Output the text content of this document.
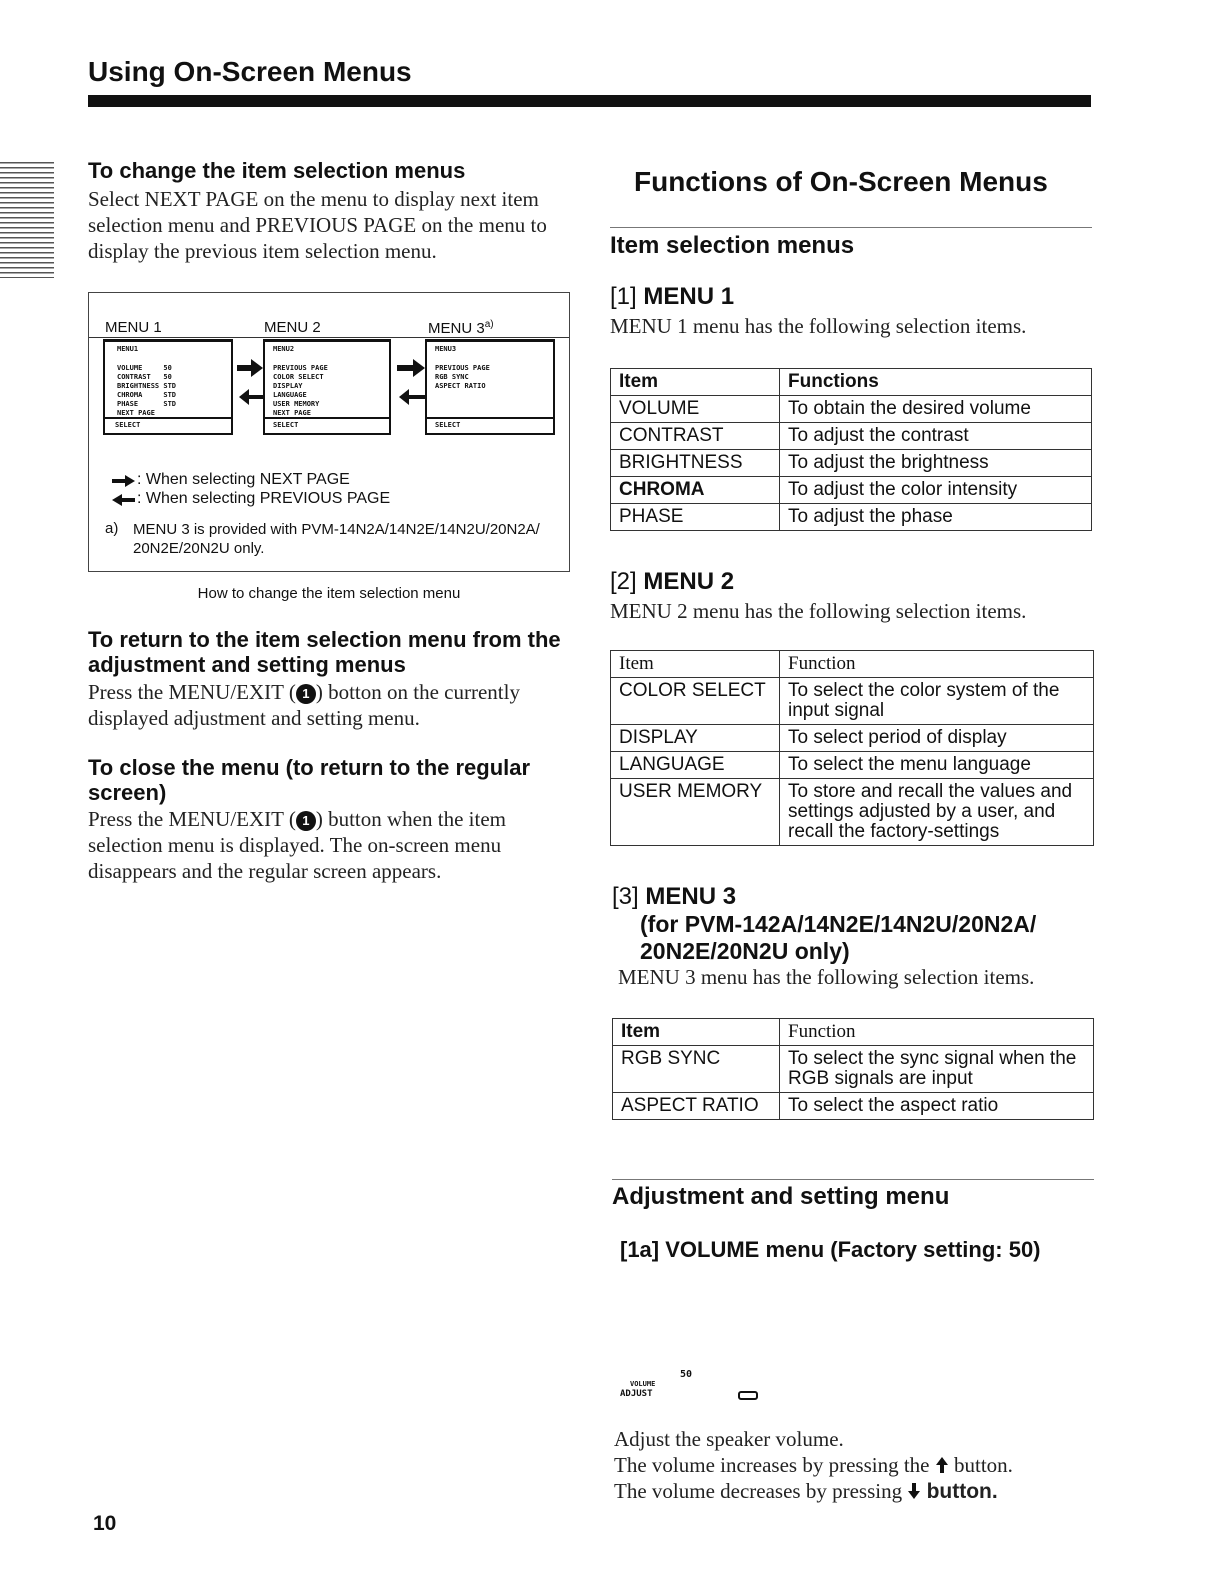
Using On-Screen Menus
To change the item selection menus
Select NEXT PAGE on the menu to display next item selection menu and PREVIOUS PAGE on the menu to display the previous item selection menu.
MENU 1	MENU 2	MENU 3$^{a)}$
MENU1
VOLUME     50
CONTRAST   50
BRIGHTNESS STD
CHROMA     STD
PHASE      STD
NEXT PAGE
SELECT
MENU2
PREVIOUS PAGE
COLOR SELECT
DISPLAY
LANGUAGE
USER MEMORY
NEXT PAGE
SELECT
MENU3
PREVIOUS PAGE
RGB SYNC
ASPECT RATIO
SELECT
: When selecting NEXT PAGE
: When selecting PREVIOUS PAGE
a) MENU 3 is provided with PVM-14N2A/14N2E/14N2U/20N2A/ 20N2E/20N2U only.
How to change the item selection menu
To return to the item selection menu from the adjustment and setting menus
Press the MENU/EXIT ( 1 ) botton on the currently displayed adjustment and setting menu.
To close the menu (to return to the regular screen)
Press the MENU/EXIT ( 1 ) button when the item selection menu is displayed. The on-screen menu disappears and the regular screen appears.
10
Functions of On-Screen Menus
Item selection menus
[1] MENU 1
MENU 1 menu has the following selection items.
Item	Functions
VOLUME	To obtain the desired volume
CONTRAST	To adjust the contrast
BRIGHTNESS	To adjust the brightness
CHROMA	To adjust the color intensity
PHASE	To adjust the phase
[2] MENU 2
MENU 2 menu has the following selection items.
Item	Function
COLOR SELECT	To select the color system of the input signal
DISPLAY	To select period of display
LANGUAGE	To select the menu language
USER MEMORY	To store and recall the values and settings adjusted by a user, and recall the factory-settings
[3] MENU 3
(for PVM-142A/14N2E/14N2U/20N2A/ 20N2E/20N2U only)
MENU 3 menu has the following selection items.
Item	Function
RGB SYNC	To select the sync signal when the RGB signals are input
ASPECT RATIO	To select the aspect ratio
Adjustment and setting menu
[1a] VOLUME menu (Factory setting: 50)
VOLUME
50
ADJUST
Adjust the speaker volume.
The volume increases by pressing the button.
The volume decreases by pressing button.
